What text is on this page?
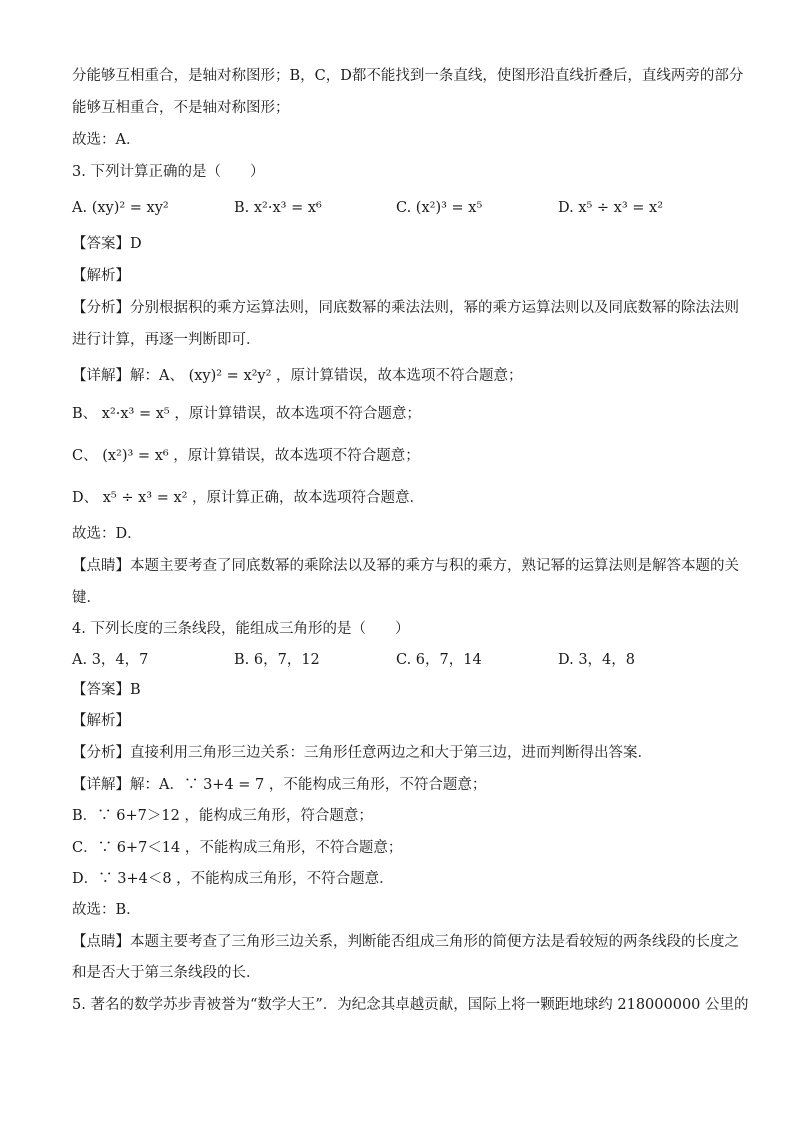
分能够互相重合，是轴对称图形；B，C，D都不能找到一条直线，使图形沿直线折叠后，直线两旁的部分
能够互相重合，不是轴对称图形；
故选：A．
3. 下列计算正确的是（　　）
A. (xy)² = xy²	B. x²·x³ = x⁶	C. (x²)³ = x⁵	D. x⁵ ÷ x³ = x²
【答案】D
【解析】
【分析】分别根据积的乘方运算法则，同底数幂的乘法法则，幂的乘方运算法则以及同底数幂的除法法则
进行计算，再逐一判断即可．
【详解】解：A、 (xy)² = x²y² ，原计算错误，故本选项不符合题意；
B、 x²·x³ = x⁵ ，原计算错误，故本选项不符合题意；
C、 (x²)³ = x⁶ ，原计算错误，故本选项不符合题意；
D、 x⁵ ÷ x³ = x² ，原计算正确，故本选项符合题意．
故选：D．
【点睛】本题主要考查了同底数幂的乘除法以及幂的乘方与积的乘方，熟记幂的运算法则是解答本题的关
键．
4. 下列长度的三条线段，能组成三角形的是（　　）
A. 3，4，7	B. 6，7，12	C. 6，7，14	D. 3，4，8
【答案】B
【解析】
【分析】直接利用三角形三边关系：三角形任意两边之和大于第三边，进而判断得出答案．
【详解】解：A．∵ 3+4 = 7 ，不能构成三角形，不符合题意；
B．∵ 6+7＞12 ，能构成三角形，符合题意；
C．∵ 6+7＜14 ，不能构成三角形，不符合题意；
D．∵ 3+4＜8 ，不能构成三角形，不符合题意．
故选：B．
【点睛】本题主要考查了三角形三边关系，判断能否组成三角形的简便方法是看较短的两条线段的长度之
和是否大于第三条线段的长．
5. 著名的数学苏步青被誉为“数学大王”．为纪念其卓越贡献，国际上将一颗距地球约 218000000 公里的
